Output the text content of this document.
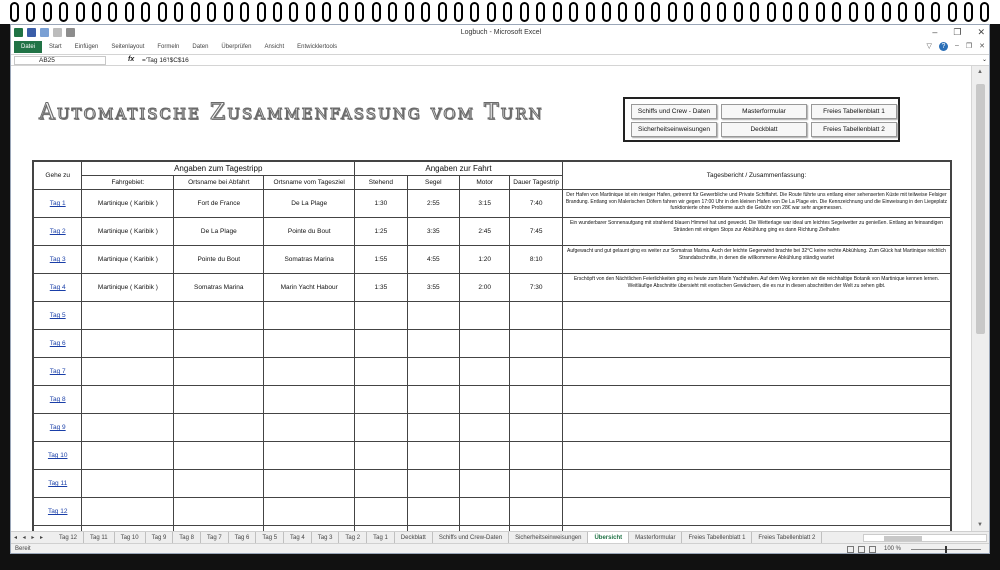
Logbuch - Microsoft Excel	– ❐ ✕
Datei	Start Einfügen Seitenlayout Formeln Daten Überprüfen Ansicht Entwicklertools	▽	?	– ❐ ✕
AB25	fx ='Tag 16'!$C$16	⌄
Automatische Zusammenfassung vom Turn	Schiffs und Crew - Daten	Masterformular	Freies Tabellenblatt 1
Sicherheitseinweisungen	Deckblatt	Freies Tabellenblatt 2
Gehe zu	Angaben zum Tagestripp			Angaben zur Fahrt				Tagesbericht / Zusammenfassung:
	Fahrgebiet:	Ortsname bei Abfahrt	Ortsname vom Tagesziel	Stehend	Segel	Motor	Dauer Tagestrip	
Tag 1	Martinique ( Karibik )	Fort de France	De La Plage	1:30	2:55	3:15	7:40	Der Hafen von Martinique ist ein riesiger Hafen, getrennt für Gewerbliche und Private Schiffahrt. Die Route führte uns entlang einer sehenserten Küste mit teilweise Felsiger Brandung. Entlang von Malerischen Döfern fahren wir gegen 17:00 Uhr in den kleinen Hafen von De La Plage ein. Die Kennzeichnung und die Einweisung in den Liegeplatz funktionierte ohne Probleme auch die Gebühr von 28€ war sehr angemessen.
Tag 2	Martinique ( Karibik )	De La Plage	Pointe du Bout	1:25	3:35	2:45	7:45	Ein wunderbarer Sonnenaufgang mit strahlend blauen Himmel hat und geweckt. Die Wetterlage war ideal um leichtes Segelwetter zu genießen. Entlang an feinsandigen Stränden mit einigen Stops zur Abkühlung ging es dann Richtung Zielhafen
Tag 3	Martinique ( Karibik )	Pointe du Bout	Somatras Marina	1:55	4:55	1:20	8:10	Aufgewacht und gut gelaunt ging es weiter zur Somatras Marina. Auch der leichte Gegenwind brachte bei 32°C keine rechte Abkühlung. Zum Glück hat Martinique reichlich Strandabschnitte, in denen die willkommene Abkühlung ständig wartet
Tag 4	Martinique ( Karibik )	Somatras Marina	Marin Yacht Habour	1:35	3:55	2:00	7:30	Erschöpft von den Nächtlichen Feierlichkeiten ging es heute zum Marin Yachthafen. Auf dem Weg konnten wir die reichhaltige Botanik von Martinique kennen lernen. Weitläufige Abschnitte übersieht mit exotischen Gewächsen, die es nur in diesen abschnitten der Welt zu sehen gibt.
Tag 5								
Tag 6								
Tag 7								
Tag 8								
Tag 9								
Tag 10								
Tag 11								
Tag 12								

▲
▼
◂ ◂ ▸ ▸	Tag 12	Tag 11	Tag 10	Tag 9	Tag 8	Tag 7	Tag 6	Tag 5	Tag 4	Tag 3	Tag 2	Tag 1	Deckblatt	Schiffs und Crew-Daten	Sicherheitseinweisungen	Übersicht	Masterformular	Freies Tabellenblatt 1	Freies Tabellenblatt 2
Bereit	100 %
